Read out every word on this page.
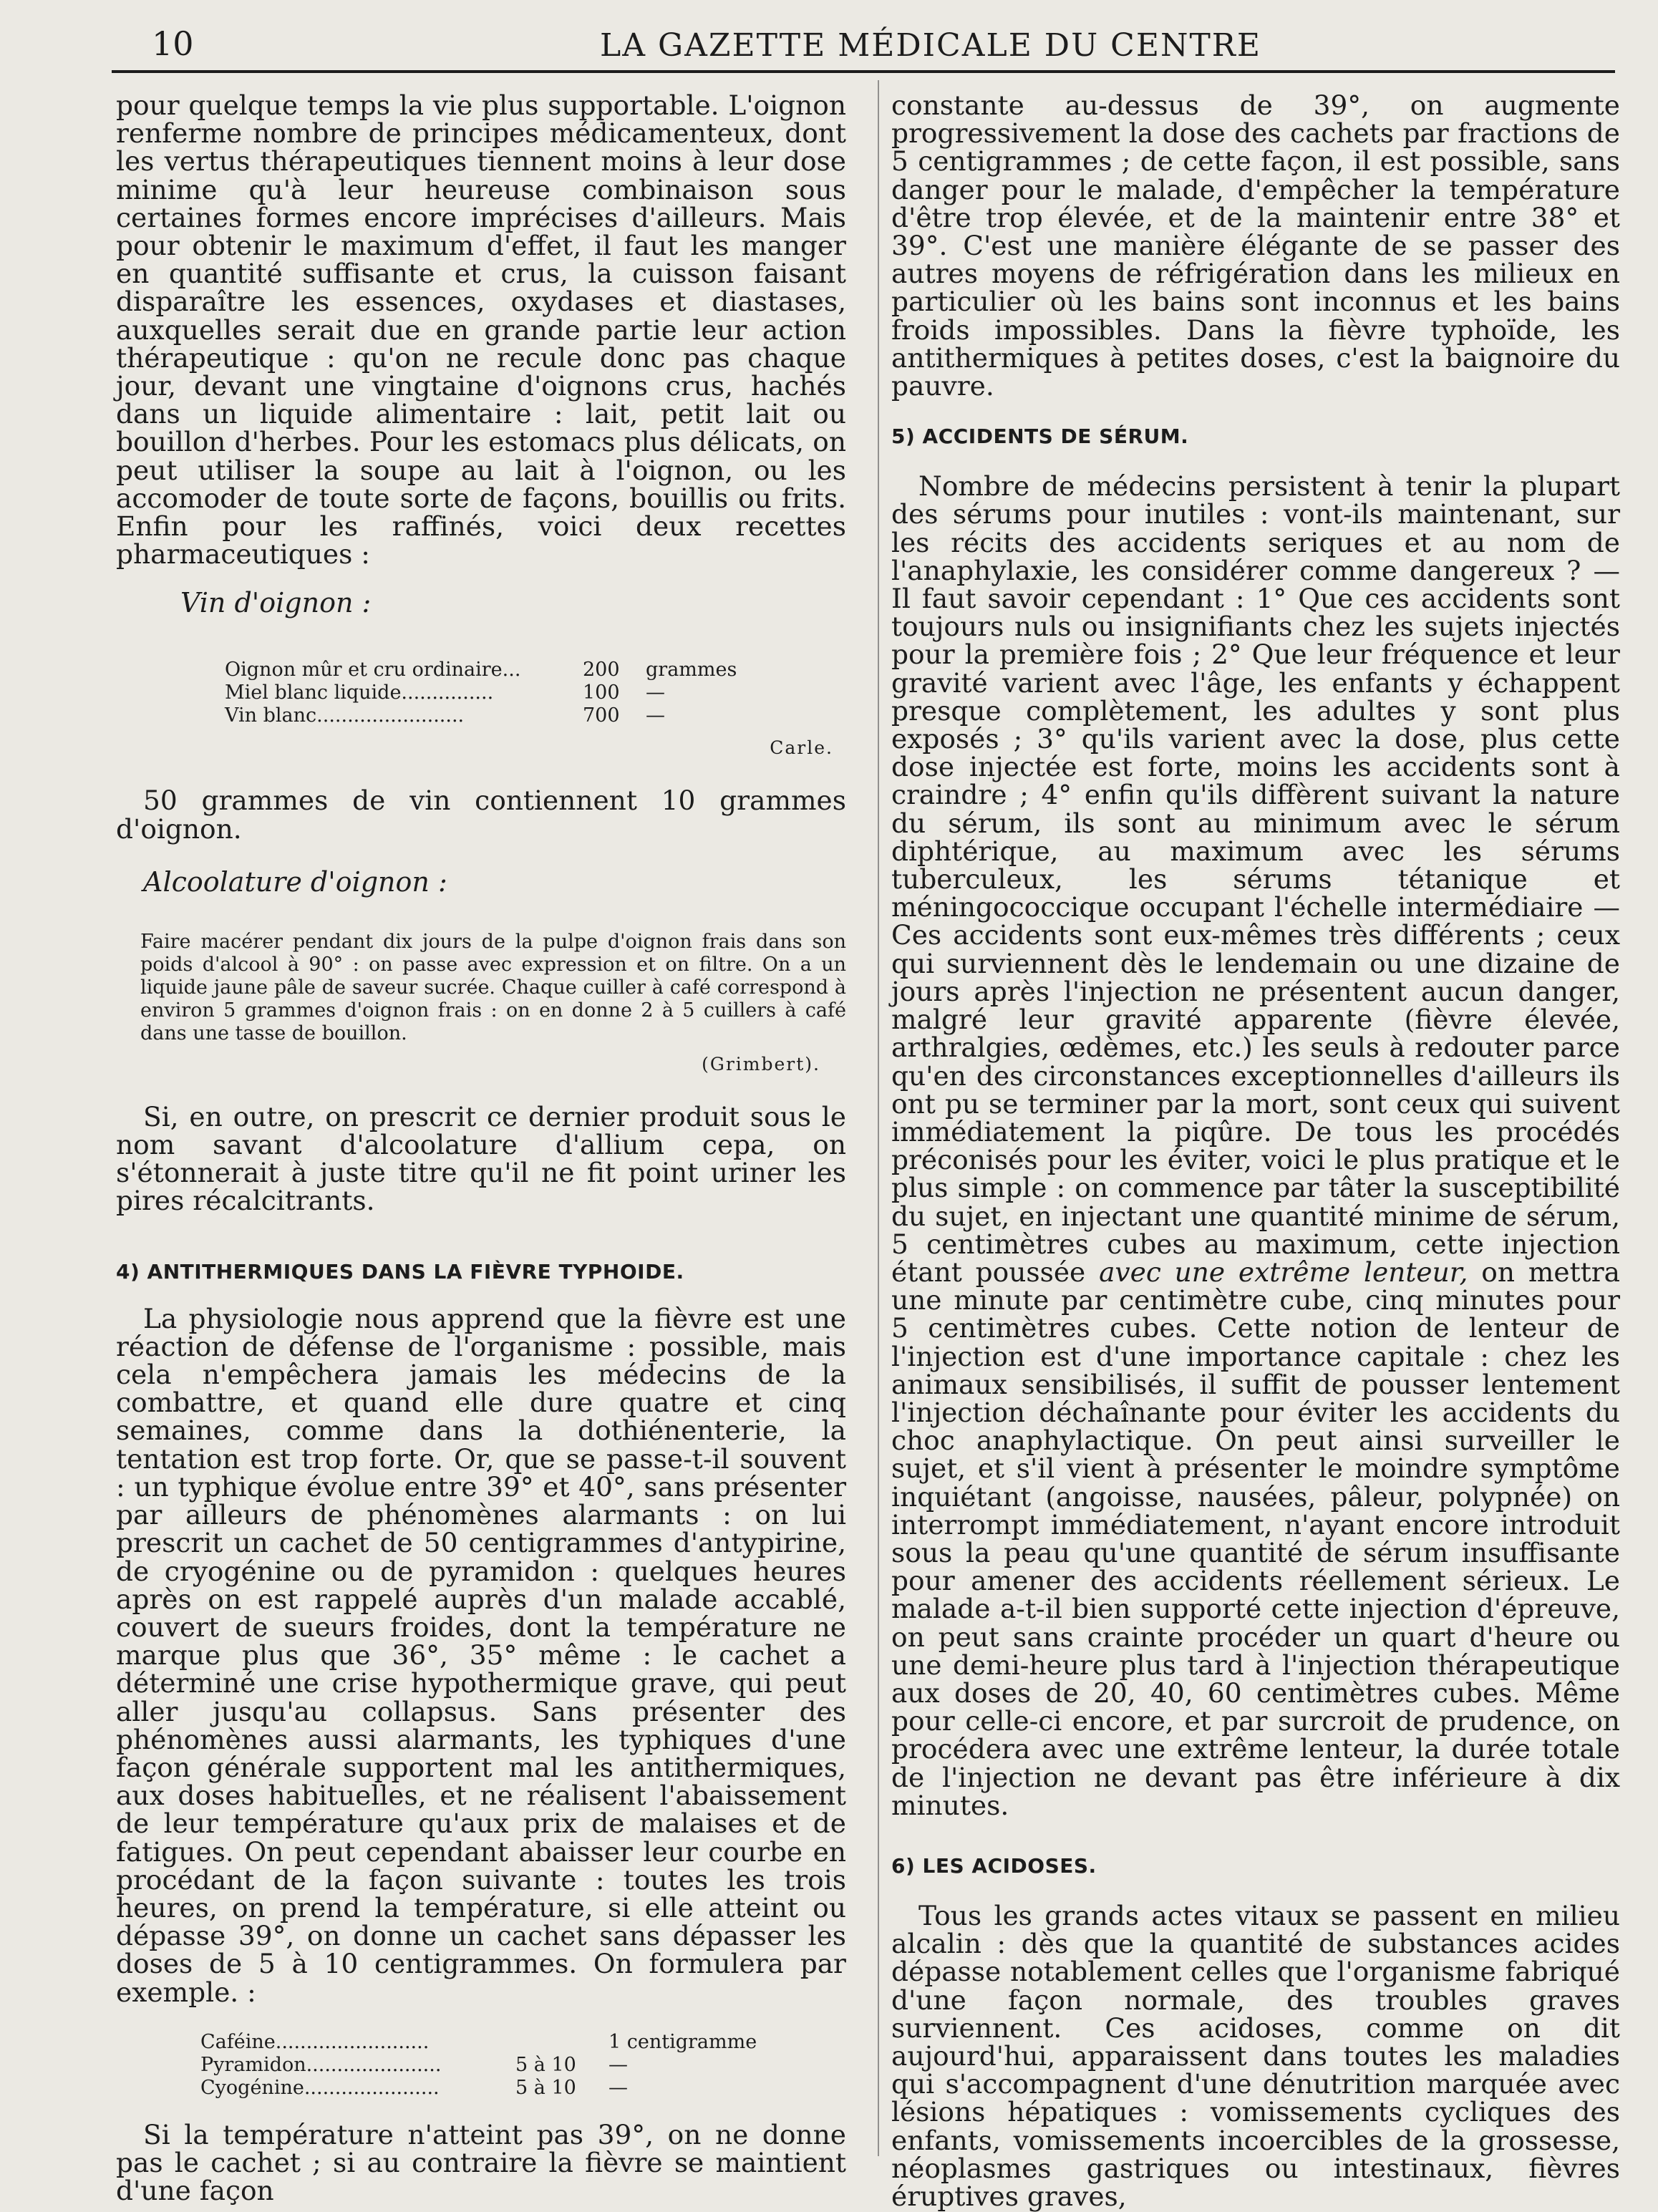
10	LA GAZETTE MÉDICALE DU CENTRE

pour quelque temps la vie plus supportable. L'oignon renferme nombre de principes médicamenteux, dont les vertus thérapeutiques tiennent moins à leur dose minime qu'à leur heureuse combinaison sous certaines formes encore imprécises d'ailleurs. Mais pour obtenir le maximum d'effet, il faut les manger en quantité suffisante et crus, la cuisson faisant disparaître les essences, oxydases et diastases, auxquelles serait due en grande partie leur action thérapeutique : qu'on ne recule donc pas chaque jour, devant une vingtaine d'oignons crus, hachés dans un liquide alimentaire : lait, petit lait ou bouillon d'herbes. Pour les estomacs plus délicats, on peut utiliser la soupe au lait à l'oignon, ou les accomoder de toute sorte de façons, bouillis ou frits. Enfin pour les raffinés, voici deux recettes pharmaceutiques :

Vin d'oignon :
Oignon mûr et cru ordinaire...	200	grammes
Miel blanc liquide...............	100	—
Vin blanc........................	700	—
Carle.

50 grammes de vin contiennent 10 grammes d'oignon.

Alcoolature d'oignon :

Faire macérer pendant dix jours de la pulpe d'oignon frais dans son poids d'alcool à 90° : on passe avec expression et on filtre. On a un liquide jaune pâle de saveur sucrée. Chaque cuiller à café correspond à environ 5 grammes d'oignon frais : on en donne 2 à 5 cuillers à café dans une tasse de bouillon.

(Grimbert).

Si, en outre, on prescrit ce dernier produit sous le nom savant d'alcoolature d'allium cepa, on s'étonnerait à juste titre qu'il ne fit point uriner les pires récalcitrants.

4) ANTITHERMIQUES DANS LA FIÈVRE TYPHOIDE.

La physiologie nous apprend que la fièvre est une réaction de défense de l'organisme : possible, mais cela n'empêchera jamais les médecins de la combattre, et quand elle dure quatre et cinq semaines, comme dans la dothiénenterie, la tentation est trop forte. Or, que se passe-t-il souvent : un typhique évolue entre 39° et 40°, sans présenter par ailleurs de phénomènes alarmants : on lui prescrit un cachet de 50 centigrammes d'antypirine, de cryogénine ou de pyramidon : quelques heures après on est rappelé auprès d'un malade accablé, couvert de sueurs froides, dont la température ne marque plus que 36°, 35° même : le cachet a déterminé une crise hypothermique grave, qui peut aller jusqu'au collapsus. Sans présenter des phénomènes aussi alarmants, les typhiques d'une façon générale supportent mal les antithermiques, aux doses habituelles, et ne réalisent l'abaissement de leur température qu'aux prix de malaises et de fatigues. On peut cependant abaisser leur courbe en procédant de la façon suivante : toutes les trois heures, on prend la température, si elle atteint ou dépasse 39°, on donne un cachet sans dépasser les doses de 5 à 10 centigrammes. On formulera par exemple. :

Caféine.........................		1 centigramme
Pyramidon......................	5 à 10	—
Cyogénine......................	5 à 10	—

Si la température n'atteint pas 39°, on ne donne pas le cachet ; si au contraire la fièvre se maintient d'une façon

constante au-dessus de 39°, on augmente progressivement la dose des cachets par fractions de 5 centigrammes ; de cette façon, il est possible, sans danger pour le malade, d'empêcher la température d'être trop élevée, et de la maintenir entre 38° et 39°. C'est une manière élégante de se passer des autres moyens de réfrigération dans les milieux en particulier où les bains sont inconnus et les bains froids impossibles. Dans la fièvre typhoïde, les antithermiques à petites doses, c'est la baignoire du pauvre.

5) ACCIDENTS DE SÉRUM.

Nombre de médecins persistent à tenir la plupart des sérums pour inutiles : vont-ils maintenant, sur les récits des accidents seriques et au nom de l'anaphylaxie, les considérer comme dangereux ? — Il faut savoir cependant : 1° Que ces accidents sont toujours nuls ou insignifiants chez les sujets injectés pour la première fois ; 2° Que leur fréquence et leur gravité varient avec l'âge, les enfants y échappent presque complètement, les adultes y sont plus exposés ; 3° qu'ils varient avec la dose, plus cette dose injectée est forte, moins les accidents sont à craindre ; 4° enfin qu'ils diffèrent suivant la nature du sérum, ils sont au minimum avec le sérum diphtérique, au maximum avec les sérums tuberculeux, les sérums tétanique et méningococcique occupant l'échelle intermédiaire — Ces accidents sont eux-mêmes très différents ; ceux qui surviennent dès le lendemain ou une dizaine de jours après l'injection ne présentent aucun danger, malgré leur gravité apparente (fièvre élevée, arthralgies, œdèmes, etc.) les seuls à redouter parce qu'en des circonstances exceptionnelles d'ailleurs ils ont pu se terminer par la mort, sont ceux qui suivent immédiatement la piqûre. De tous les procédés préconisés pour les éviter, voici le plus pratique et le plus simple : on commence par tâter la susceptibilité du sujet, en injectant une quantité minime de sérum, 5 centimètres cubes au maximum, cette injection étant poussée avec une extrême lenteur, on mettra une minute par centimètre cube, cinq minutes pour 5 centimètres cubes. Cette notion de lenteur de l'injection est d'une importance capitale : chez les animaux sensibilisés, il suffit de pousser lentement l'injection déchaînante pour éviter les accidents du choc anaphylactique. On peut ainsi surveiller le sujet, et s'il vient à présenter le moindre symptôme inquiétant (angoisse, nausées, pâleur, polypnée) on interrompt immédiatement, n'ayant encore introduit sous la peau qu'une quantité de sérum insuffisante pour amener des accidents réellement sérieux. Le malade a-t-il bien supporté cette injection d'épreuve, on peut sans crainte procéder un quart d'heure ou une demi-heure plus tard à l'injection thérapeutique aux doses de 20, 40, 60 centimètres cubes. Même pour celle-ci encore, et par surcroit de prudence, on procédera avec une extrême lenteur, la durée totale de l'injection ne devant pas être inférieure à dix minutes.

6) LES ACIDOSES.

Tous les grands actes vitaux se passent en milieu alcalin : dès que la quantité de substances acides dépasse notablement celles que l'organisme fabriqué d'une façon normale, des troubles graves surviennent. Ces acidoses, comme on dit aujourd'hui, apparaissent dans toutes les maladies qui s'accompagnent d'une dénutrition marquée avec lésions hépatiques : vomissements cycliques des enfants, vomissements incoercibles de la grossesse, néoplasmes gastriques ou intestinaux, fièvres éruptives graves,
